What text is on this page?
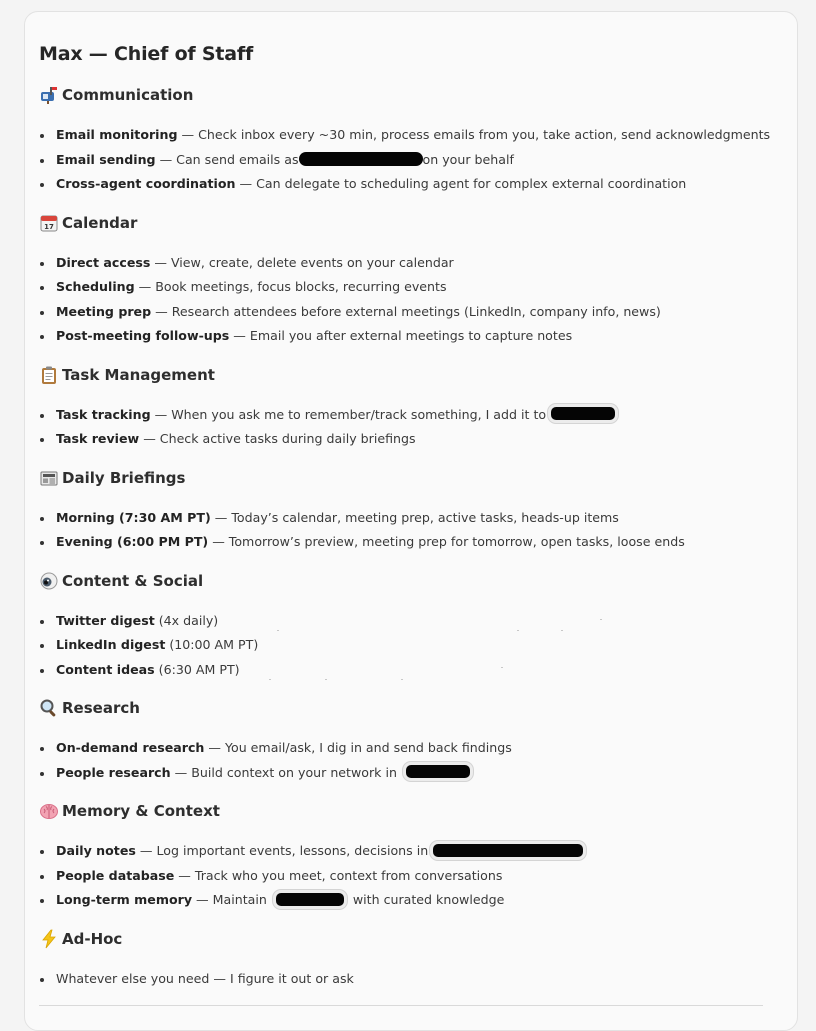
Max — Chief of Staff
Communication
Email monitoring — Check inbox every ~30 min, process emails from you, take action, send acknowledgments
Email sending — Can send emails as	on your behalf
Cross-agent coordination — Can delegate to scheduling agent for complex external coordination
17 Calendar
Direct access — View, create, delete events on your calendar
Scheduling — Book meetings, focus blocks, recurring events
Meeting prep — Research attendees before external meetings (LinkedIn, company info, news)
Post-meeting follow-ups — Email you after external meetings to capture notes
Task Management
Task tracking — When you ask me to remember/track something, I add it to
Task review — Check active tasks during daily briefings
Daily Briefings
Morning (7:30 AM PT) — Today’s calendar, meeting prep, active tasks, heads-up items
Evening (6:00 PM PT) — Tomorrow’s preview, meeting prep for tomorrow, open tasks, loose ends
Content & Social
Twitter digest (4x daily)
LinkedIn digest (10:00 AM PT)
Content ideas (6:30 AM PT)
Research
On-demand research — You email/ask, I dig in and send back findings
People research — Build context on your network in
Memory & Context
Daily notes — Log important events, lessons, decisions in
People database — Track who you meet, context from conversations
Long-term memory — Maintain	with curated knowledge
Ad-Hoc
Whatever else you need — I figure it out or ask
